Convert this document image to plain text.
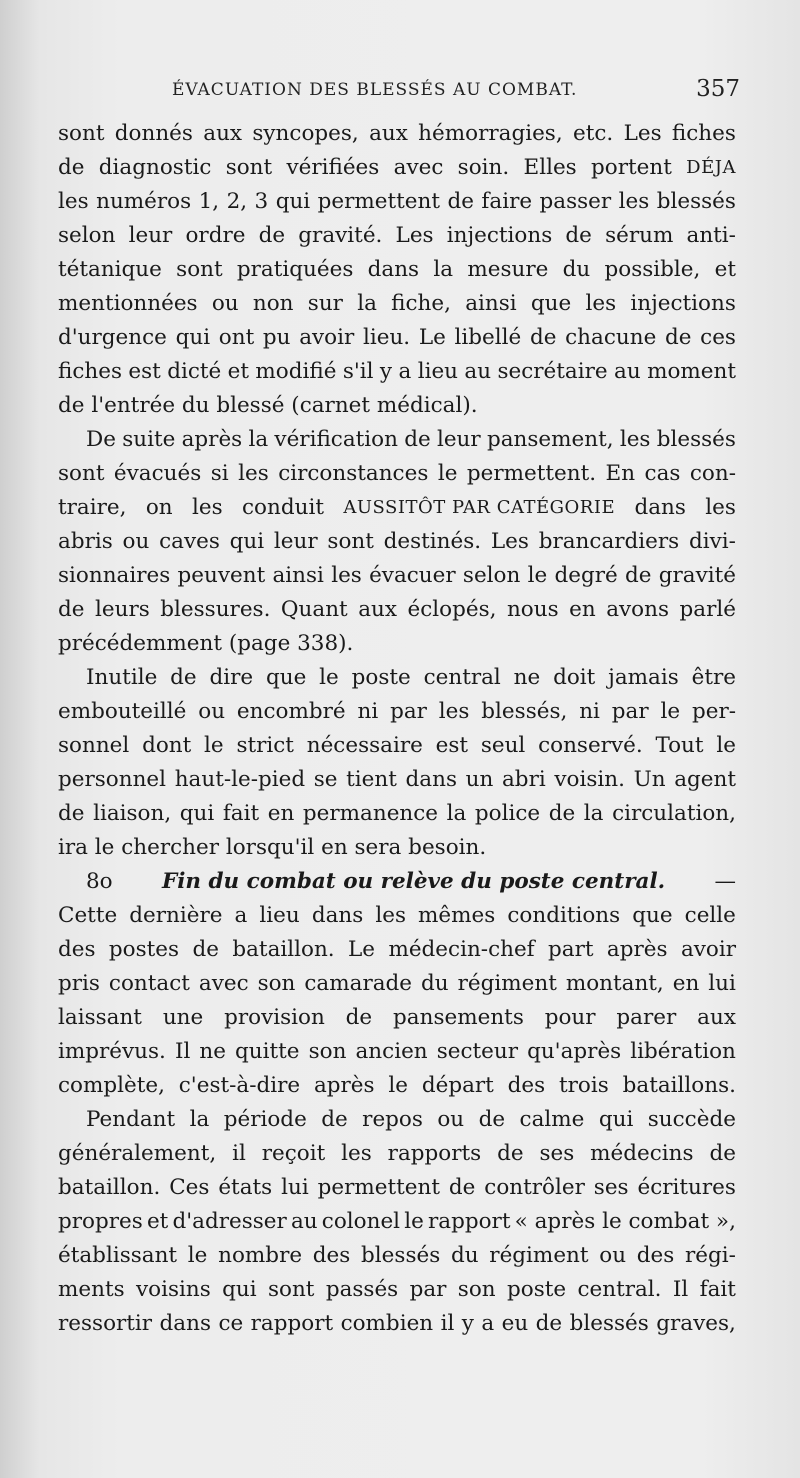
ÉVACUATION DES BLESSÉS AU COMBAT.	357
sont donnés aux syncopes, aux hémorragies, etc. Les fiches
de diagnostic sont vérifiées avec soin. Elles portent DÉJA
les numéros 1, 2, 3 qui permettent de faire passer les blessés
selon leur ordre de gravité. Les injections de sérum anti-
tétanique sont pratiquées dans la mesure du possible, et
mentionnées ou non sur la fiche, ainsi que les injections
d'urgence qui ont pu avoir lieu. Le libellé de chacune de ces
fiches est dicté et modifié s'il y a lieu au secrétaire au moment
de l'entrée du blessé (carnet médical).
De suite après la vérification de leur pansement, les blessés
sont évacués si les circonstances le permettent. En cas con-
traire, on les conduit AUSSITÔT PAR CATÉGORIE dans les
abris ou caves qui leur sont destinés. Les brancardiers divi-
sionnaires peuvent ainsi les évacuer selon le degré de gravité
de leurs blessures. Quant aux éclopés, nous en avons parlé
précédemment (page 338).
Inutile de dire que le poste central ne doit jamais être
embouteillé ou encombré ni par les blessés, ni par le per-
sonnel dont le strict nécessaire est seul conservé. Tout le
personnel haut-le-pied se tient dans un abri voisin. Un agent
de liaison, qui fait en permanence la police de la circulation,
ira le chercher lorsqu'il en sera besoin.
8o Fin du combat ou relève du poste central. —
Cette dernière a lieu dans les mêmes conditions que celle
des postes de bataillon. Le médecin-chef part après avoir
pris contact avec son camarade du régiment montant, en lui
laissant une provision de pansements pour parer aux
imprévus. Il ne quitte son ancien secteur qu'après libération
complète, c'est-à-dire après le départ des trois bataillons.
Pendant la période de repos ou de calme qui succède
généralement, il reçoit les rapports de ses médecins de
bataillon. Ces états lui permettent de contrôler ses écritures
propres et d'adresser au colonel le rapport « après le combat »,
établissant le nombre des blessés du régiment ou des régi-
ments voisins qui sont passés par son poste central. Il fait
ressortir dans ce rapport combien il y a eu de blessés graves,
